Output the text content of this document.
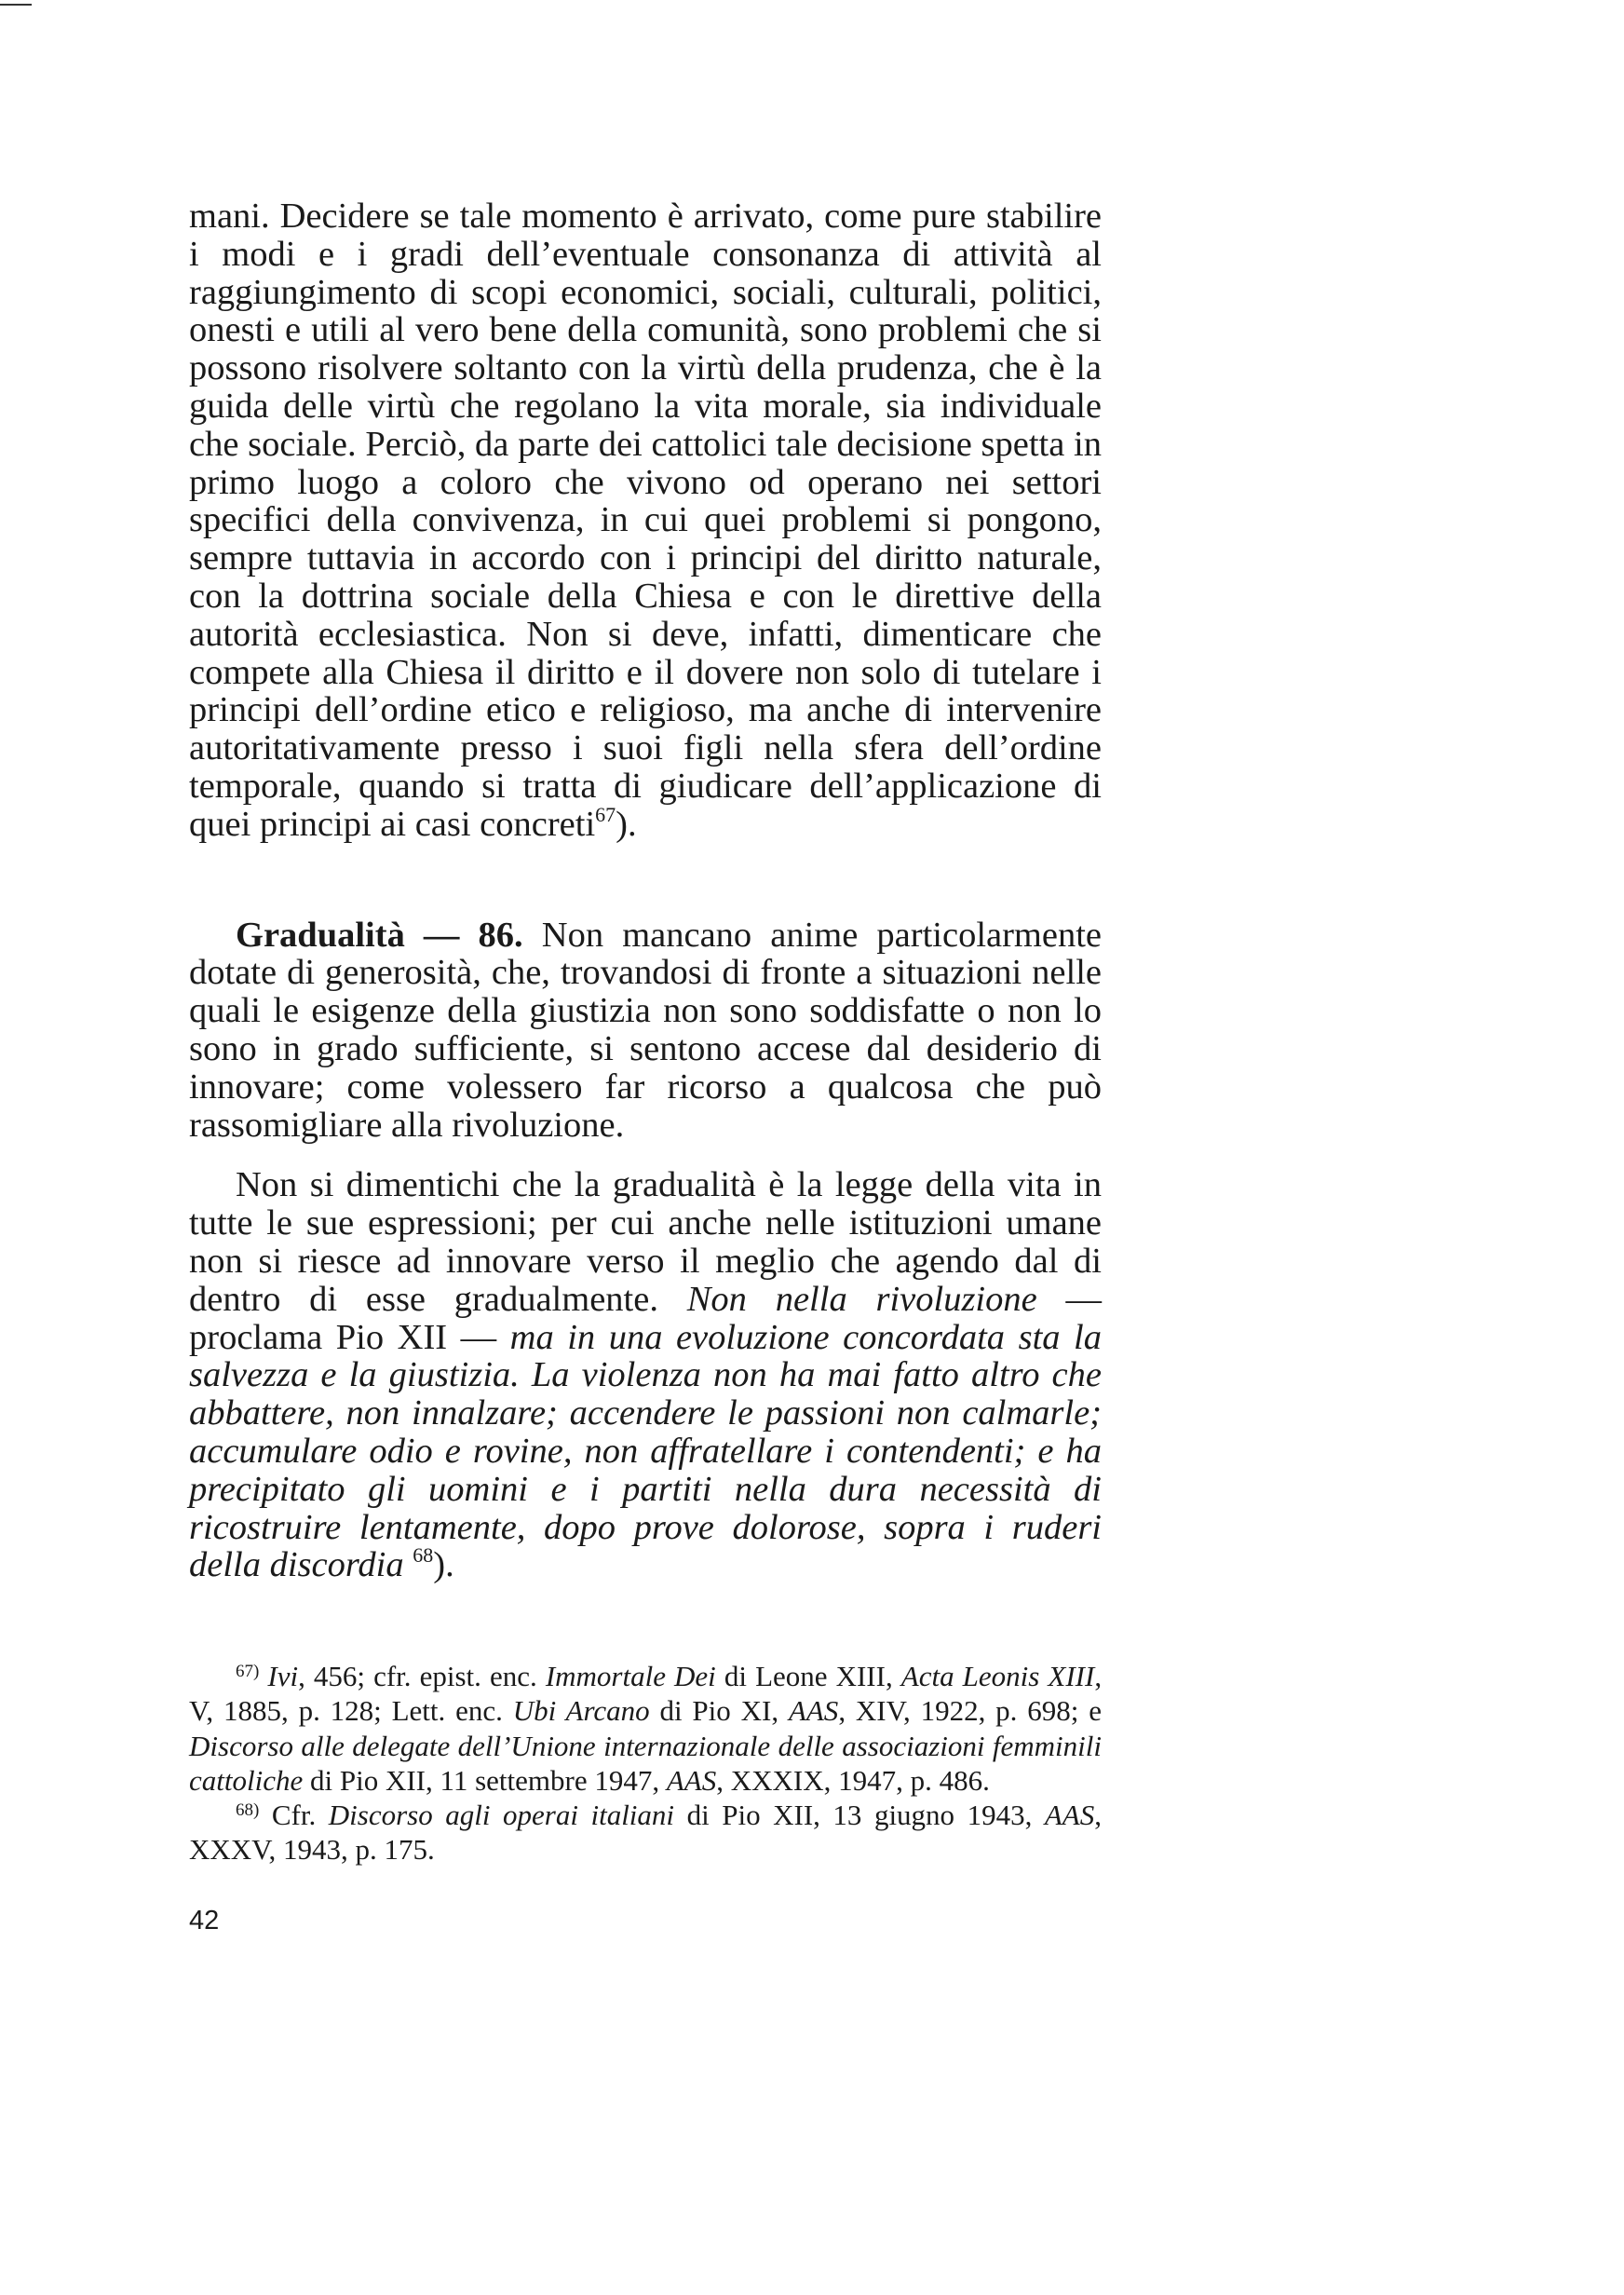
mani. Decidere se tale momento è arrivato, come pure stabilire i modi e i gradi dell’eventuale consonanza di attività al raggiungimento di scopi economici, sociali, culturali, politici, onesti e utili al vero bene della comunità, sono problemi che si possono risolvere soltanto con la virtù della prudenza, che è la guida delle virtù che regolano la vita morale, sia individuale che sociale. Perciò, da parte dei cattolici tale decisione spetta in primo luogo a coloro che vivono od operano nei settori specifici della convivenza, in cui quei problemi si pongono, sempre tuttavia in accordo con i principi del diritto naturale, con la dottrina sociale della Chiesa e con le direttive della autorità ecclesiastica. Non si deve, infatti, dimenticare che compete alla Chiesa il diritto e il dovere non solo di tutelare i principi dell’ordine etico e religioso, ma anche di intervenire autoritativamente presso i suoi figli nella sfera dell’ordine temporale, quando si tratta di giudicare dell’applicazione di quei principi ai casi concreti$^{67}$).

Gradualità — 86. Non mancano anime particolarmente dotate di generosità, che, trovandosi di fronte a situazioni nelle quali le esigenze della giustizia non sono soddisfatte o non lo sono in grado sufficiente, si sentono accese dal desiderio di innovare; come volessero far ricorso a qualcosa che può rassomigliare alla rivoluzione.

Non si dimentichi che la gradualità è la legge della vita in tutte le sue espressioni; per cui anche nelle istituzioni umane non si riesce ad innovare verso il meglio che agendo dal di dentro di esse gradualmente. Non nella rivoluzione — proclama Pio XII — ma in una evoluzione concordata sta la salvezza e la giustizia. La violenza non ha mai fatto altro che abbattere, non innalzare; accendere le passioni non calmarle; accumulare odio e rovine, non affratellare i contendenti; e ha precipitato gli uomini e i partiti nella dura necessità di ricostruire lentamente, dopo prove dolorose, sopra i ruderi della discordia $^{68}$).

$^{67)}$ Ivi, 456; cfr. epist. enc. Immortale Dei di Leone XIII, Acta Leonis XIII, V, 1885, p. 128; Lett. enc. Ubi Arcano di Pio XI, AAS, XIV, 1922, p. 698; e Discorso alle delegate dell’Unione internazionale delle associazioni femminili cattoliche di Pio XII, 11 settembre 1947, AAS, XXXIX, 1947, p. 486.

$^{68)}$ Cfr. Discorso agli operai italiani di Pio XII, 13 giugno 1943, AAS, XXXV, 1943, p. 175.

42
